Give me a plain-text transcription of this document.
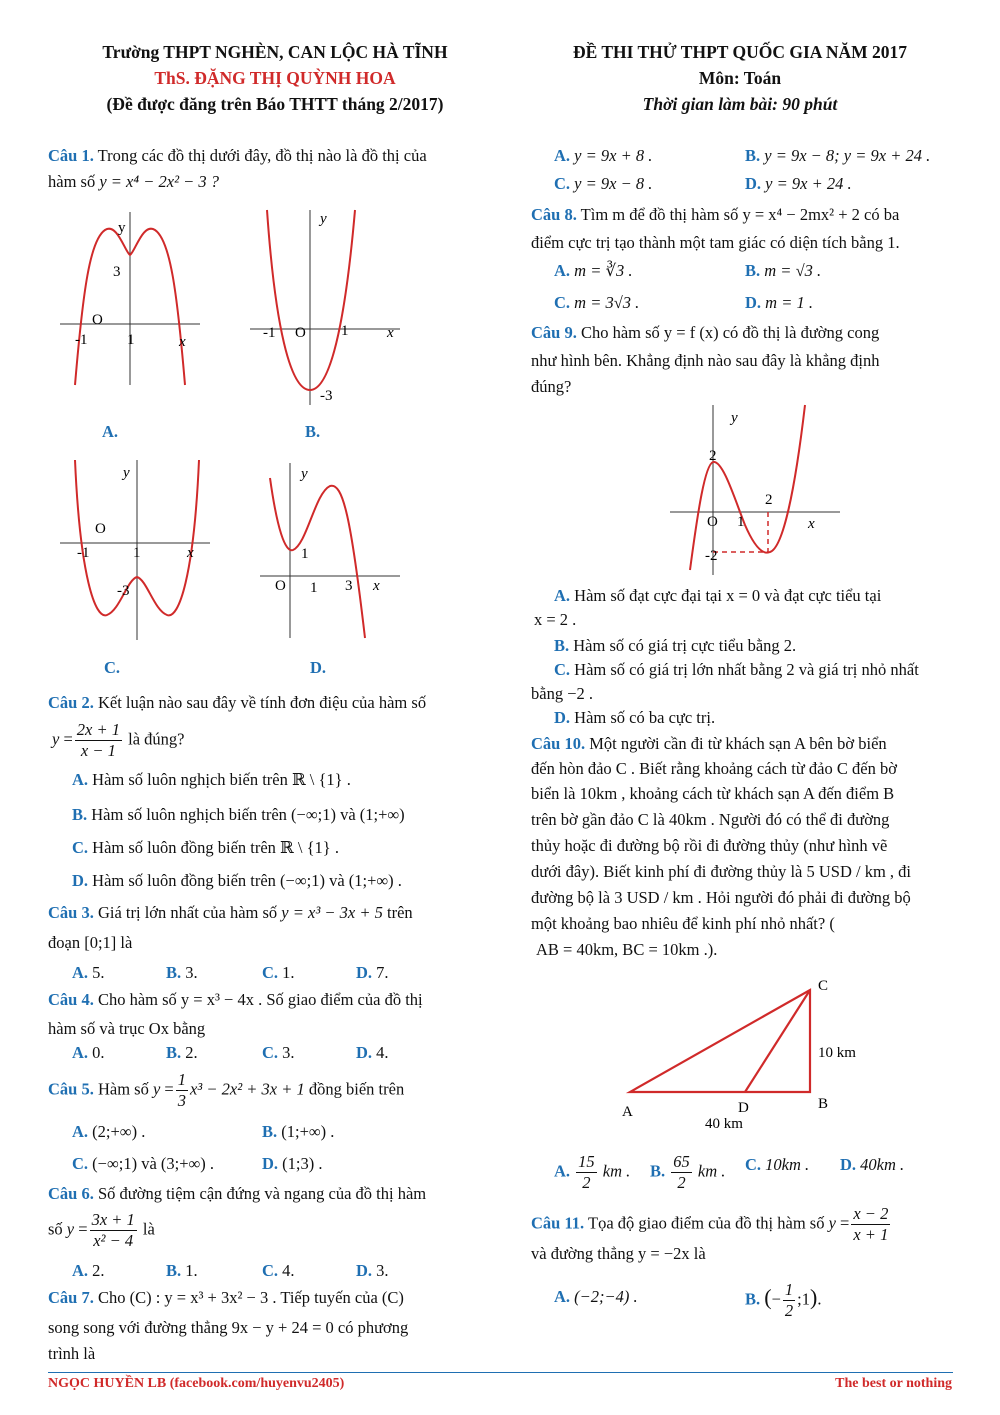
Trường THPT NGHÈN, CAN LỘC HÀ TĨNH
ThS. ĐẶNG THỊ QUỲNH HOA
(Đề được đăng trên Báo THTT tháng 2/2017)
ĐỀ THI THỬ THPT QUỐC GIA NĂM 2017
Môn: Toán
Thời gian làm bài: 90 phút
Câu 1. Trong các đồ thị dưới đây, đồ thị nào là đồ thị của
hàm số y = x⁴ − 2x² − 3 ?
y
3
O
-1	1	x
A.
y
-1 O 1	x
-3
B.
y
O
-1	1	x
-3
C.
y
1
O 1 3 x
D.
Câu 2. Kết luận nào sau đây về tính đơn điệu của hàm số
$y = \frac{2x + 1}{x - 1}$ là đúng?
A. Hàm số luôn nghịch biến trên ℝ \ {1} .
B. Hàm số luôn nghịch biến trên (−∞;1) và (1;+∞)
C. Hàm số luôn đồng biến trên ℝ \ {1} .
D. Hàm số luôn đồng biến trên (−∞;1) và (1;+∞) .
Câu 3. Giá trị lớn nhất của hàm số y = x³ − 3x + 5 trên
đoạn [0;1] là
A. 5.	B. 3.	C. 1.	D. 7.
Câu 4. Cho hàm số y = x³ − 4x . Số giao điểm của đồ thị
hàm số và trục Ox bằng
A. 0.	B. 2.	C. 3.	D. 4.
Câu 5. Hàm số $y = \frac{1}{3} x^3 - 2x^2 + 3x + 1$ đồng biến trên
A. (2;+∞) .	B. (1;+∞) .
C. (−∞;1) và (3;+∞) .	D. (1;3) .
Câu 6. Số đường tiệm cận đứng và ngang của đồ thị hàm
số $y = \frac{3x + 1}{\text{x² − 4}}$ là
A. 2.	B. 1.	C. 4.	D. 3.
Câu 7. Cho (C) : y = x³ + 3x² − 3 . Tiếp tuyến của (C)
song song với đường thẳng 9x − y + 24 = 0 có phương
trình là
A. y = 9x + 8 .	B. y = 9x − 8; y = 9x + 24 .
C. y = 9x − 8 .	D. y = 9x + 24 .
Câu 8. Tìm m để đồ thị hàm số y = x⁴ − 2mx² + 2 có ba
điểm cực trị tạo thành một tam giác có diện tích bằng 1.
A. m = ∛3 .	B. m = √3 .
C. m = 3√3 .	D. m = 1 .
Câu 9. Cho hàm số y = f (x) có đồ thị là đường cong
như hình bên. Khẳng định nào sau đây là khẳng định
đúng?
y
2
2
O 1	x
-2
A. Hàm số đạt cực đại tại x = 0 và đạt cực tiểu tại
x = 2 .
B. Hàm số có giá trị cực tiểu bằng 2.
C. Hàm số có giá trị lớn nhất bằng 2 và giá trị nhỏ nhất
bằng −2 .
D. Hàm số có ba cực trị.
Câu 10. Một người cần đi từ khách sạn A bên bờ biển
đến hòn đảo C . Biết rằng khoảng cách từ đảo C đến bờ
biển là 10km , khoảng cách từ khách sạn A đến điểm B
trên bờ gần đảo C là 40km . Người đó có thể đi đường
thủy hoặc đi đường bộ rồi đi đường thủy (như hình vẽ
dưới đây). Biết kinh phí đi đường thủy là 5 USD / km , đi
đường bộ là 3 USD / km . Hỏi người đó phải đi đường bộ
một khoảng bao nhiêu để kinh phí nhỏ nhất? (
AB = 40km, BC = 10km .).
C
A	D	B
10 km
40 km
A. $\frac{15}{2}$ km . B. $\frac{65}{2}$ km . C. 10km . D. 40km .
Câu 11. Tọa độ giao điểm của đồ thị hàm số $y = \frac{x - 2}{x + 1}$
và đường thẳng y = −2x là
A. (−2;−4) .	B. (− $\frac{1}{2}$ ;1).
NGỌC HUYỀN LB (facebook.com/huyenvu2405)	The best or nothing
